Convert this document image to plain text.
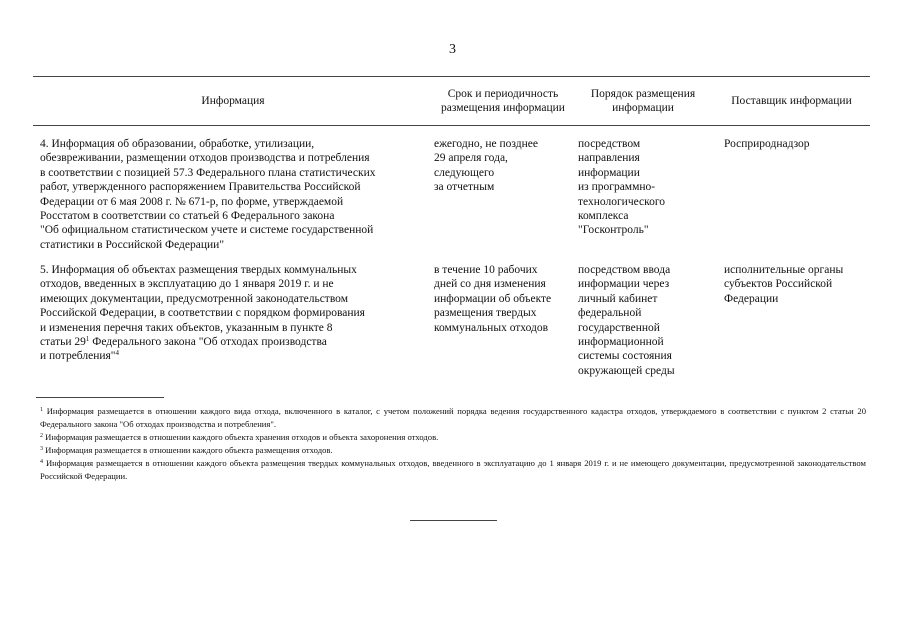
3
Информация
Срок и периодичность размещения информации
Порядок размещения информации
Поставщик информации
4. Информация об образовании, обработке, утилизации,
обезвреживании, размещении отходов производства и потребления
в соответствии с позицией 57.3 Федерального плана статистических
работ, утвержденного распоряжением Правительства Российской
Федерации от 6 мая 2008 г. № 671-р, по форме, утверждаемой
Росстатом в соответствии со статьей 6 Федерального закона
"Об официальном статистическом учете и системе государственной
статистики в Российской Федерации"
ежегодно, не позднее
29 апреля года,
следующего
за отчетным
посредством
направления
информации
из программно-
технологического
комплекса
"Госконтроль"
Росприроднадзор
5. Информация об объектах размещения твердых коммунальных
отходов, введенных в эксплуатацию до 1 января 2019 г. и не
имеющих документации, предусмотренной законодательством
Российской Федерации, в соответствии с порядком формирования
и изменения перечня таких объектов, указанным в пункте 8
статьи $29^1$ Федерального закона "Об отходах производства
и потребления"$^4$
в течение 10 рабочих
дней со дня изменения
информации об объекте
размещения твердых
коммунальных отходов
посредством ввода
информации через
личный кабинет
федеральной
государственной
информационной
системы состояния
окружающей среды
исполнительные органы
субъектов Российской
Федерации
$^1$ Информация размещается в отношении каждого вида отхода, включенного в каталог, с учетом положений порядка ведения государственного кадастра отходов, утверждаемого в соответствии с пунктом 2 статьи 20 Федерального закона "Об отходах производства и потребления".
$^2$ Информация размещается в отношении каждого объекта хранения отходов и объекта захоронения отходов.
$^3$ Информация размещается в отношении каждого объекта размещения отходов.
$^4$ Информация размещается в отношении каждого объекта размещения твердых коммунальных отходов, введенного в эксплуатацию до 1 января 2019 г. и не имеющего документации, предусмотренной законодательством Российской Федерации.
